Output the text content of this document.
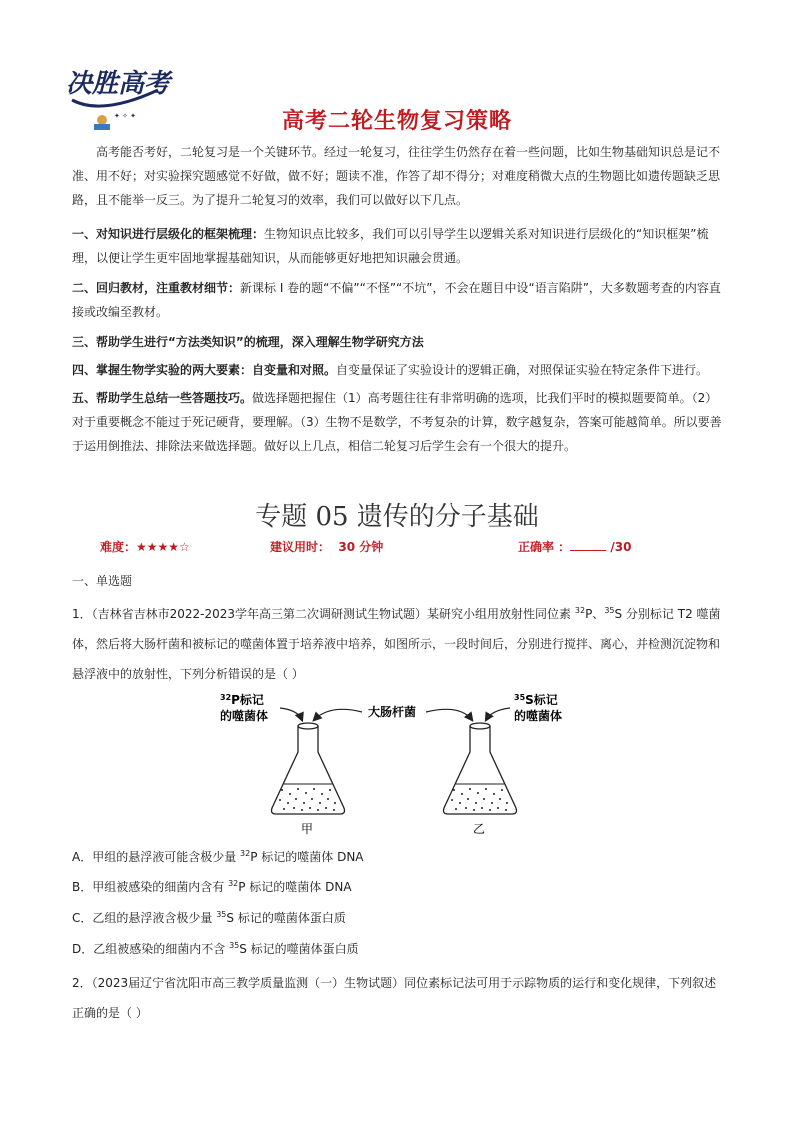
决胜高考
✦ ✧ ✦	高考二轮生物复习策略
高考能否考好，二轮复习是一个关键环节。经过一轮复习，往往学生仍然存在着一些问题，比如生物基础知识总是记不准、用不好；对实验探究题感觉不好做，做不好；题读不准，作答了却不得分；对难度稍微大点的生物题比如遗传题缺乏思路，且不能举一反三。为了提升二轮复习的效率，我们可以做好以下几点。
一、对知识进行层级化的框架梳理：生物知识点比较多，我们可以引导学生以逻辑关系对知识进行层级化的“知识框架”梳理，以便让学生更牢固地掌握基础知识，从而能够更好地把知识融会贯通。
二、回归教材，注重教材细节：新课标 I 卷的题“不偏”“不怪”“不坑”，不会在题目中设“语言陷阱”，大多数题考查的内容直接或改编至教材。
三、帮助学生进行“方法类知识”的梳理，深入理解生物学研究方法
四、掌握生物学实验的两大要素：自变量和对照。自变量保证了实验设计的逻辑正确，对照保证实验在特定条件下进行。
五、帮助学生总结一些答题技巧。做选择题把握住（1）高考题往往有非常明确的选项，比我们平时的模拟题要简单。（2）对于重要概念不能过于死记硬背，要理解。（3）生物不是数学，不考复杂的计算，数字越复杂，答案可能越简单。所以要善于运用倒推法、排除法来做选择题。做好以上几点，相信二轮复习后学生会有一个很大的提升。
专题 05 遗传的分子基础
难度：★★★★☆	建议用时： 30 分钟	正确率 ：	/30
一、单选题
1．（吉林省吉林市2022-2023学年高三第二次调研测试生物试题）某研究小组用放射性同位素 $^{32}$P、$^{35}$S 分别标记 T2 噬菌体，然后将大肠杆菌和被标记的噬菌体置于培养液中培养，如图所示，一段时间后，分别进行搅拌、离心，并检测沉淀物和悬浮液中的放射性，下列分析错误的是（ ）
$^{32}$P标记
的噬菌体	大肠杆菌
$^{35}$S标记
的噬菌体
甲	乙
A．甲组的悬浮液可能含极少量 $^{32}$P 标记的噬菌体 DNA
B．甲组被感染的细菌内含有 $^{32}$P 标记的噬菌体 DNA
C．乙组的悬浮液含极少量 $^{35}$S 标记的噬菌体蛋白质
D．乙组被感染的细菌内不含 $^{35}$S 标记的噬菌体蛋白质
2．（2023届辽宁省沈阳市高三教学质量监测（一）生物试题）同位素标记法可用于示踪物质的运行和变化规律，下列叙述正确的是（ ）
